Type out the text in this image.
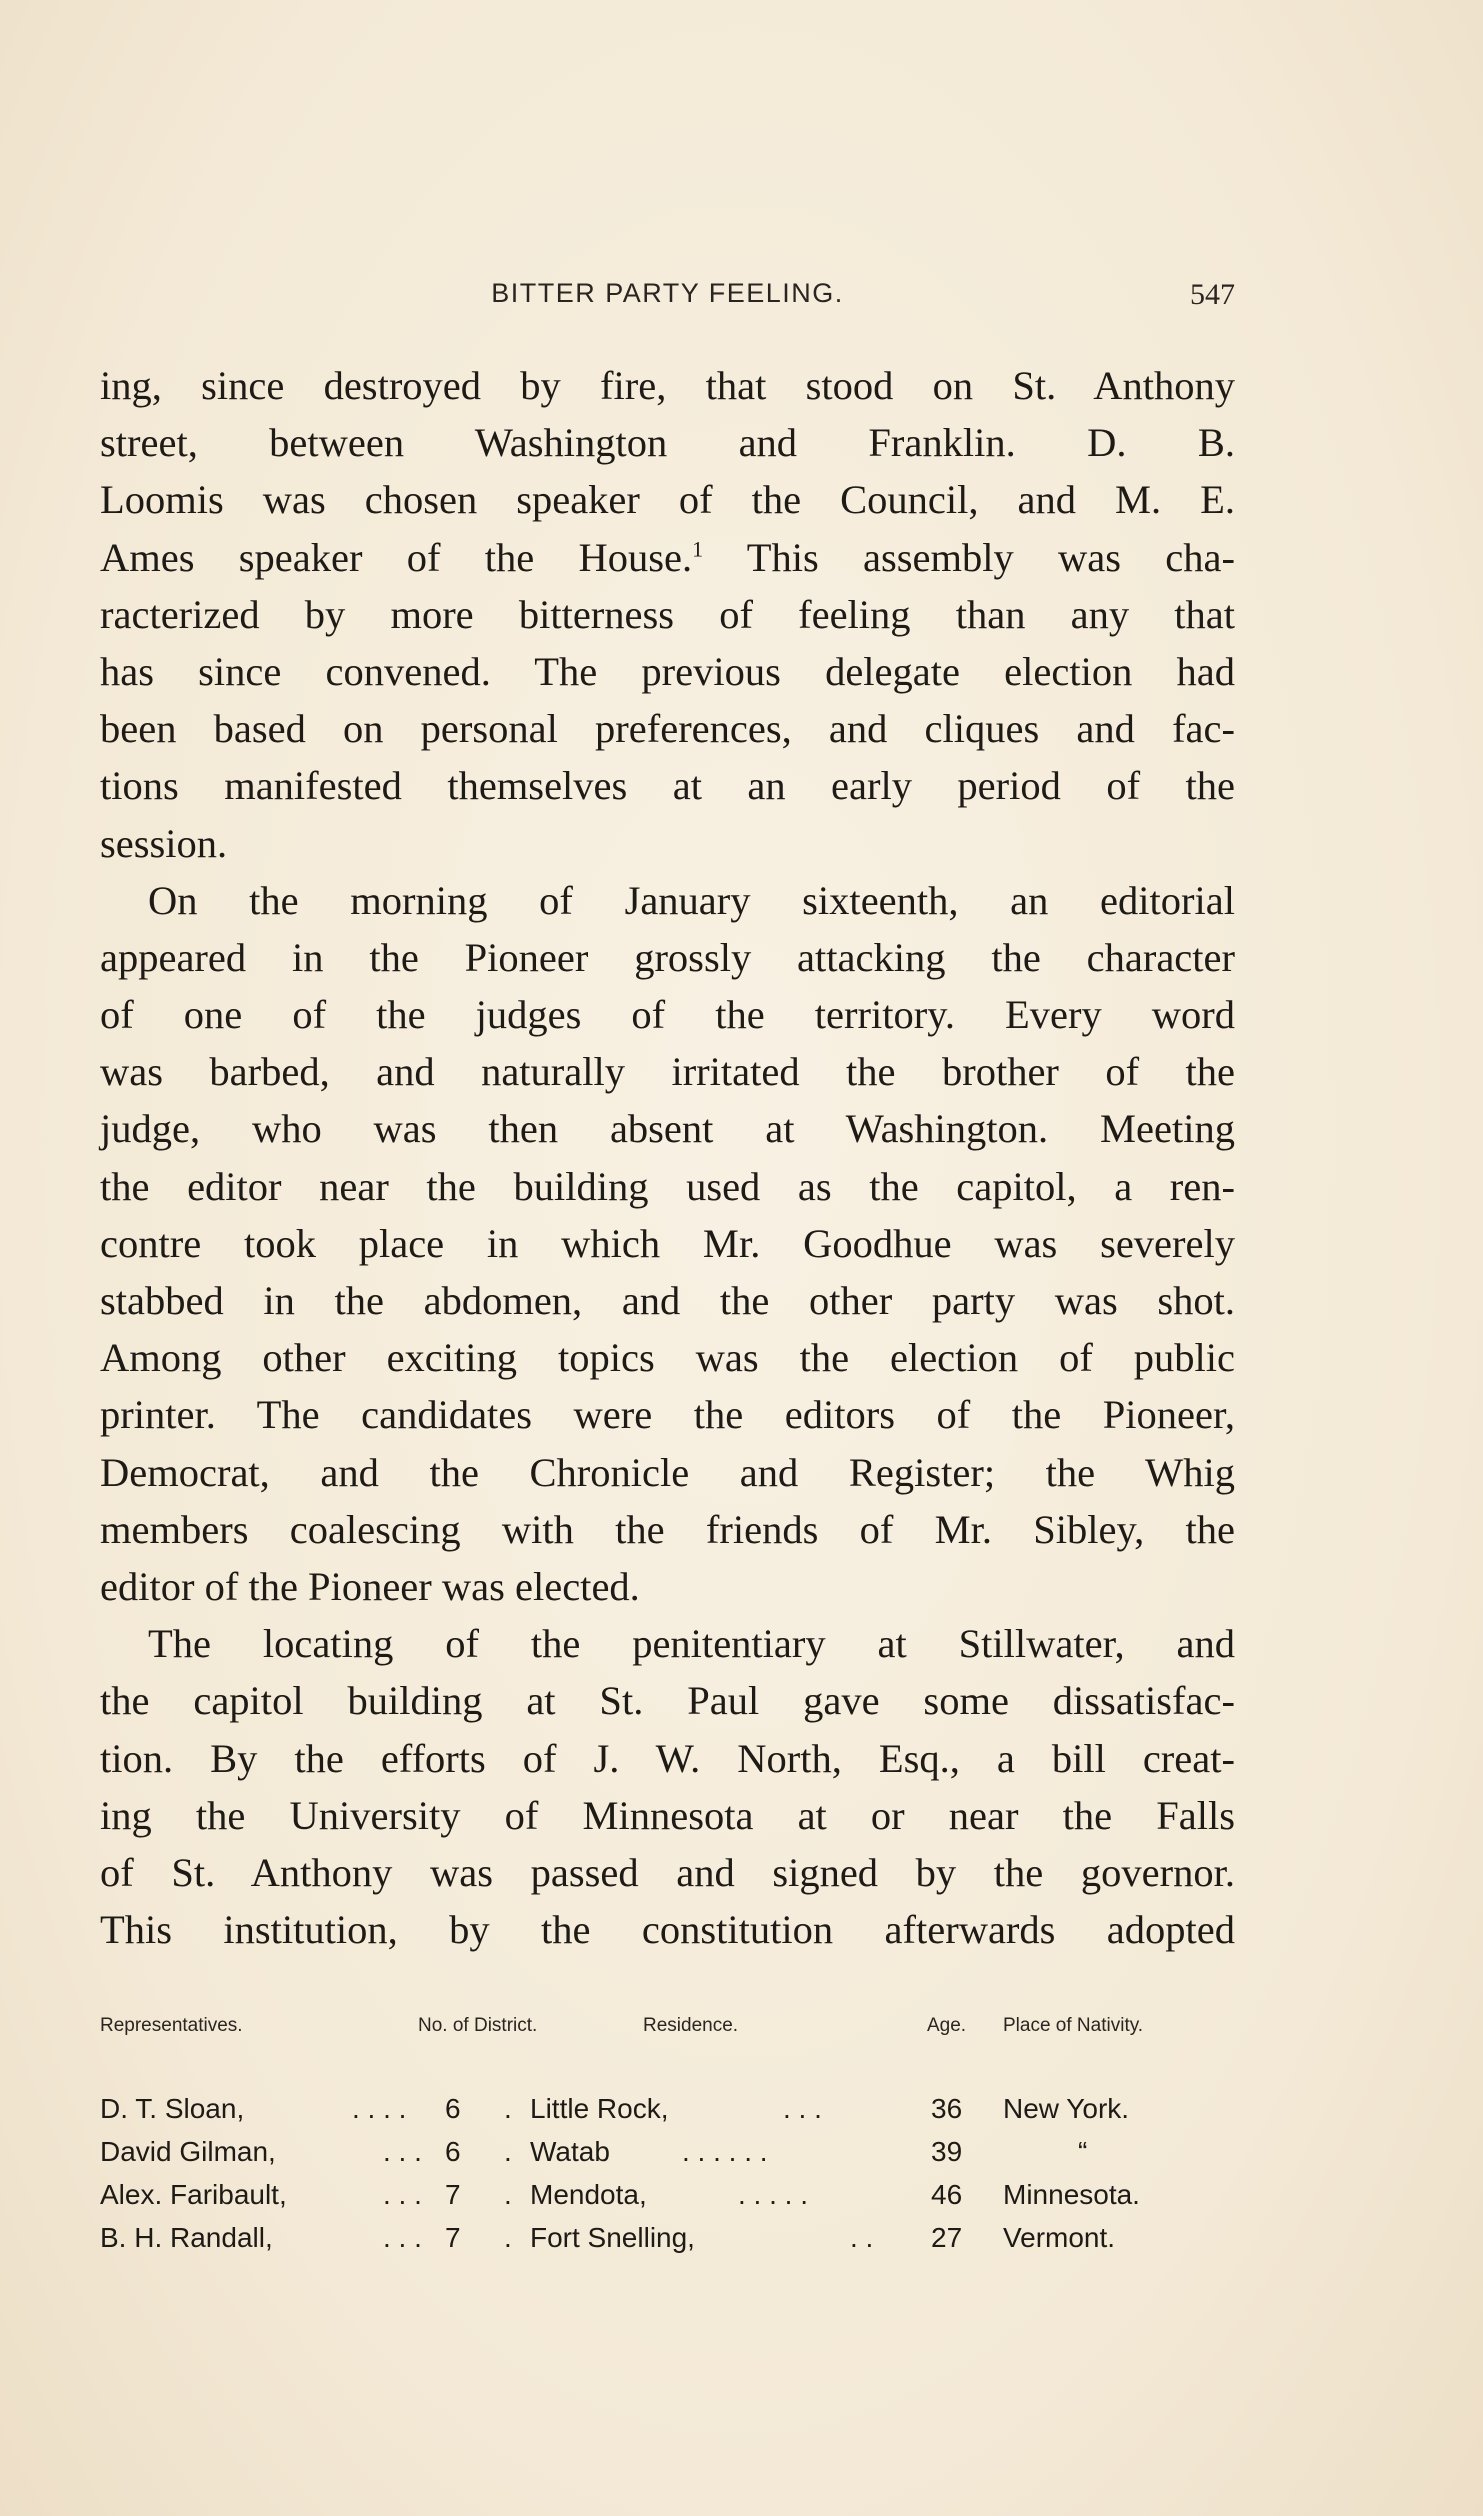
BITTER PARTY FEELING.	547
ing, since destroyed by fire, that stood on St. Anthony
street, between Washington and Franklin. D. B.
Loomis was chosen speaker of the Council, and M. E.
Ames speaker of the House.$^1$ This assembly was cha-
racterized by more bitterness of feeling than any that
has since convened. The previous delegate election had
been based on personal preferences, and cliques and fac-
tions manifested themselves at an early period of the
session.
On the morning of January sixteenth, an editorial
appeared in the Pioneer grossly attacking the character
of one of the judges of the territory. Every word
was barbed, and naturally irritated the brother of the
judge, who was then absent at Washington. Meeting
the editor near the building used as the capitol, a ren-
contre took place in which Mr. Goodhue was severely
stabbed in the abdomen, and the other party was shot.
Among other exciting topics was the election of public
printer. The candidates were the editors of the Pioneer,
Democrat, and the Chronicle and Register; the Whig
members coalescing with the friends of Mr. Sibley, the
editor of the Pioneer was elected.
The locating of the penitentiary at Stillwater, and
the capitol building at St. Paul gave some dissatisfac-
tion. By the efforts of J. W. North, Esq., a bill creat-
ing the University of Minnesota at or near the Falls
of St. Anthony was passed and signed by the governor.
This institution, by the constitution afterwards adopted
Representatives.	No. of District.	Residence.	Age. Place of Nativity.
D. T. Sloan,	. . . . 6	. Little Rock,	. . .	36 New York.
David Gilman,	. . . 6	. Watab	. . . . . .	39	“
Alex. Faribault,	. . . 7	. Mendota,	. . . . .	46 Minnesota.
B. H. Randall,	. . . 7	. Fort Snelling,	. . 27 Vermont.
